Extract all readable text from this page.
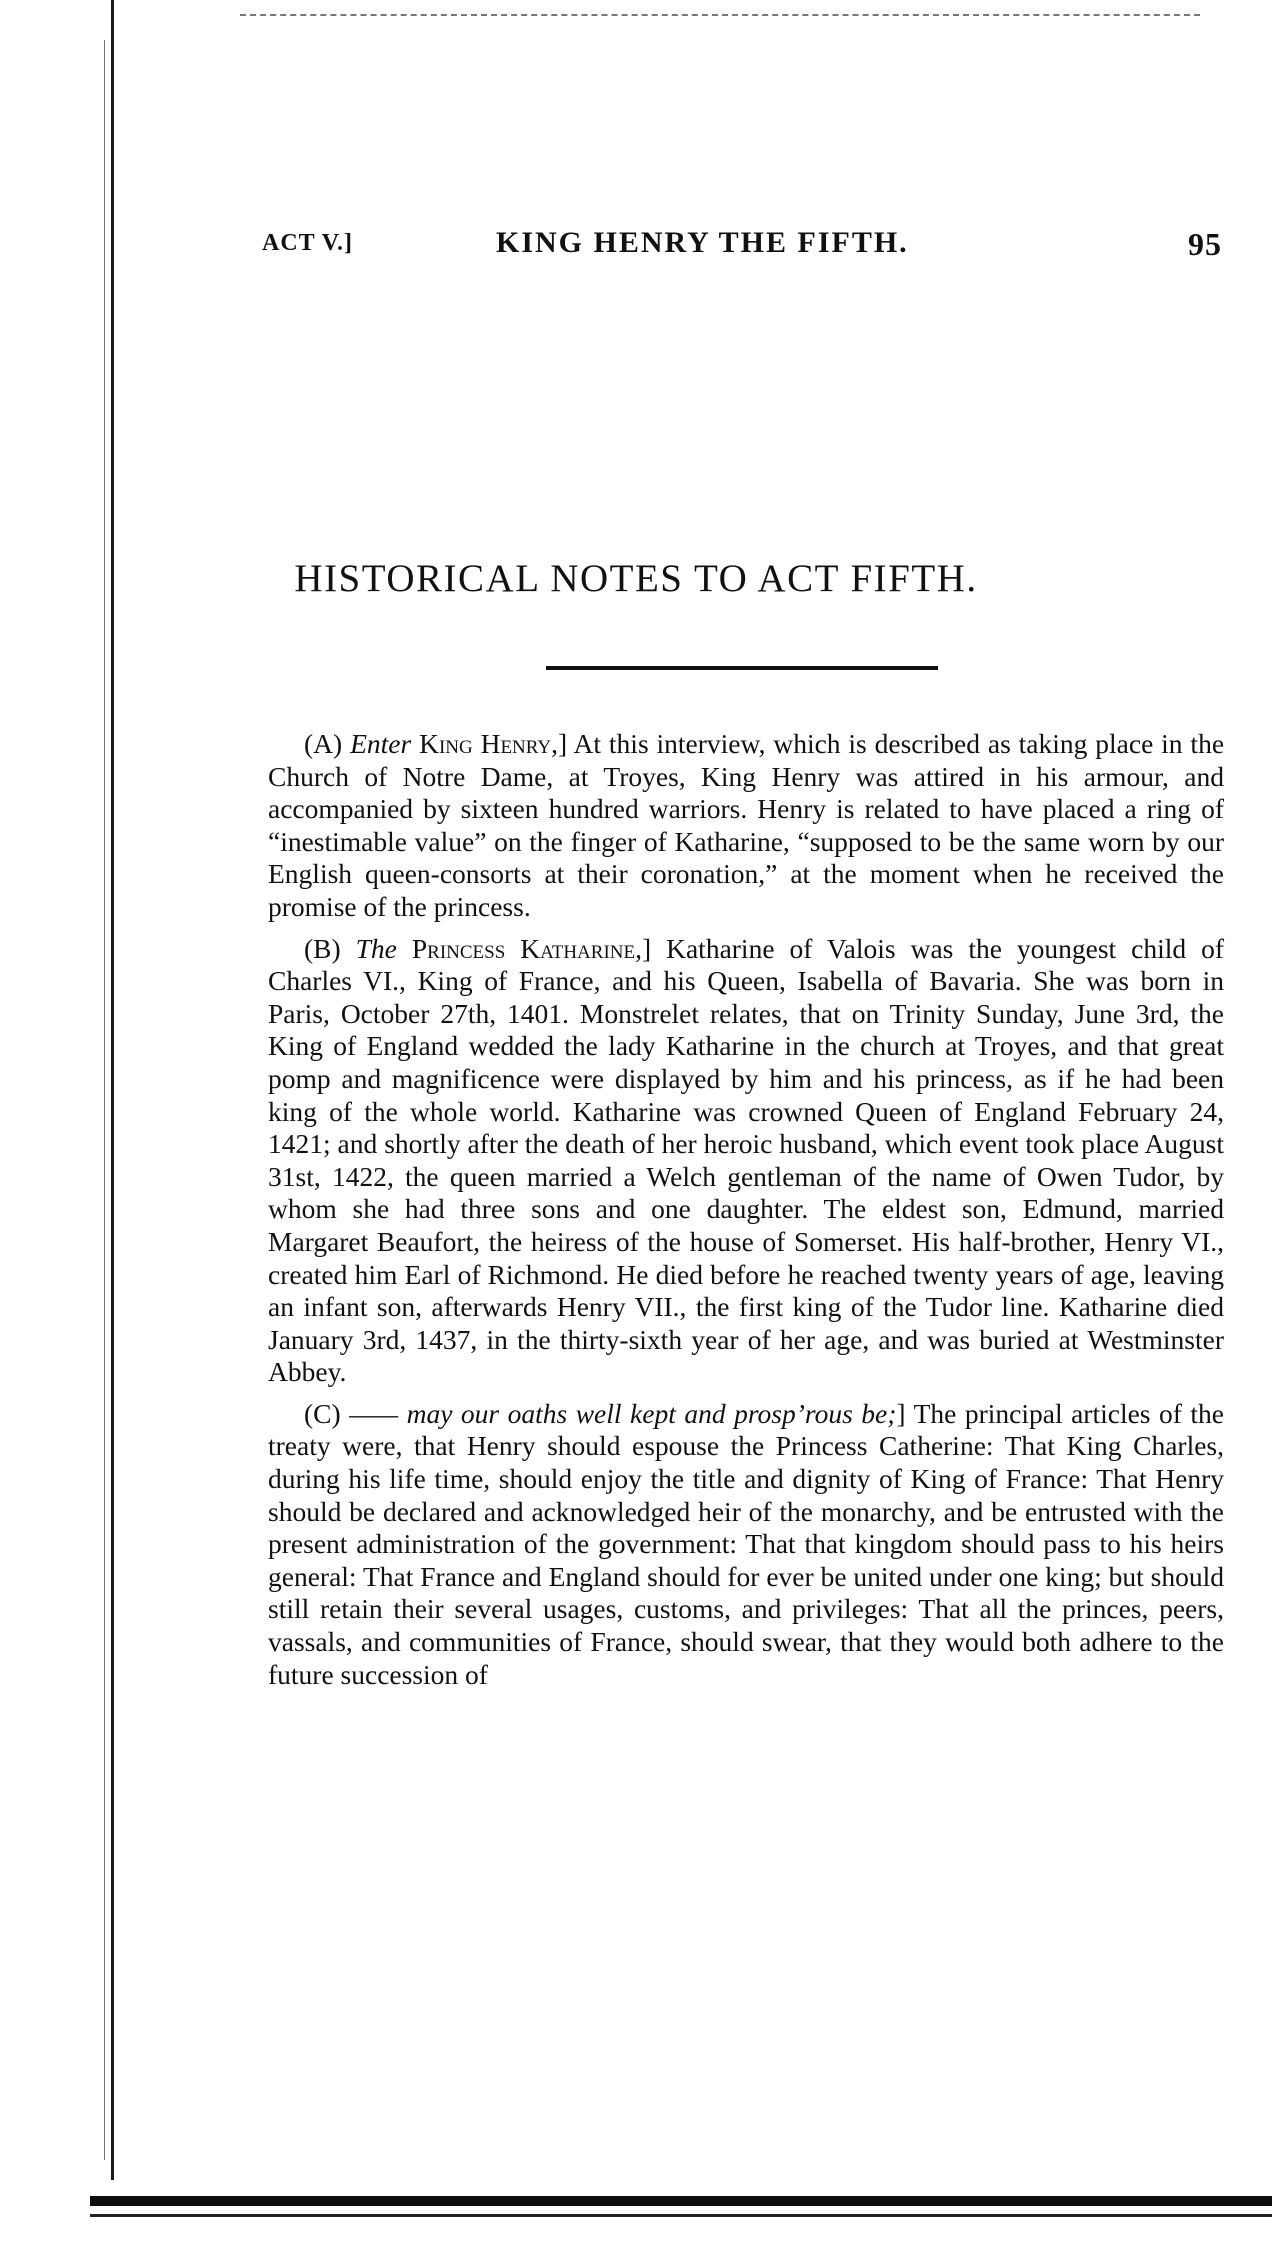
ACT V.]	KING HENRY THE FIFTH.	95
HISTORICAL NOTES TO ACT FIFTH.

(A) Enter King Henry,] At this interview, which is described as taking place in the Church of Notre Dame, at Troyes, King Henry was attired in his armour, and accompanied by sixteen hundred warriors. Henry is related to have placed a ring of “inestimable value” on the finger of Katharine, “supposed to be the same worn by our English queen-consorts at their coronation,” at the moment when he received the promise of the princess.

(B) The Princess Katharine,] Katharine of Valois was the youngest child of Charles VI., King of France, and his Queen, Isabella of Bavaria. She was born in Paris, October 27th, 1401. Monstrelet relates, that on Trinity Sunday, June 3rd, the King of England wedded the lady Katharine in the church at Troyes, and that great pomp and magnificence were displayed by him and his princess, as if he had been king of the whole world. Katharine was crowned Queen of England February 24, 1421; and shortly after the death of her heroic husband, which event took place August 31st, 1422, the queen married a Welch gentleman of the name of Owen Tudor, by whom she had three sons and one daughter. The eldest son, Edmund, married Margaret Beaufort, the heiress of the house of Somerset. His half-brother, Henry VI., created him Earl of Richmond. He died before he reached twenty years of age, leaving an infant son, afterwards Henry VII., the first king of the Tudor line. Katharine died January 3rd, 1437, in the thirty-sixth year of her age, and was buried at Westminster Abbey.

(C) —— may our oaths well kept and prosp’rous be;] The principal articles of the treaty were, that Henry should espouse the Princess Catherine: That King Charles, during his life time, should enjoy the title and dignity of King of France: That Henry should be declared and acknowledged heir of the monarchy, and be entrusted with the present administration of the government: That that kingdom should pass to his heirs general: That France and England should for ever be united under one king; but should still retain their several usages, customs, and privileges: That all the princes, peers, vassals, and communities of France, should swear, that they would both adhere to the future succession of
